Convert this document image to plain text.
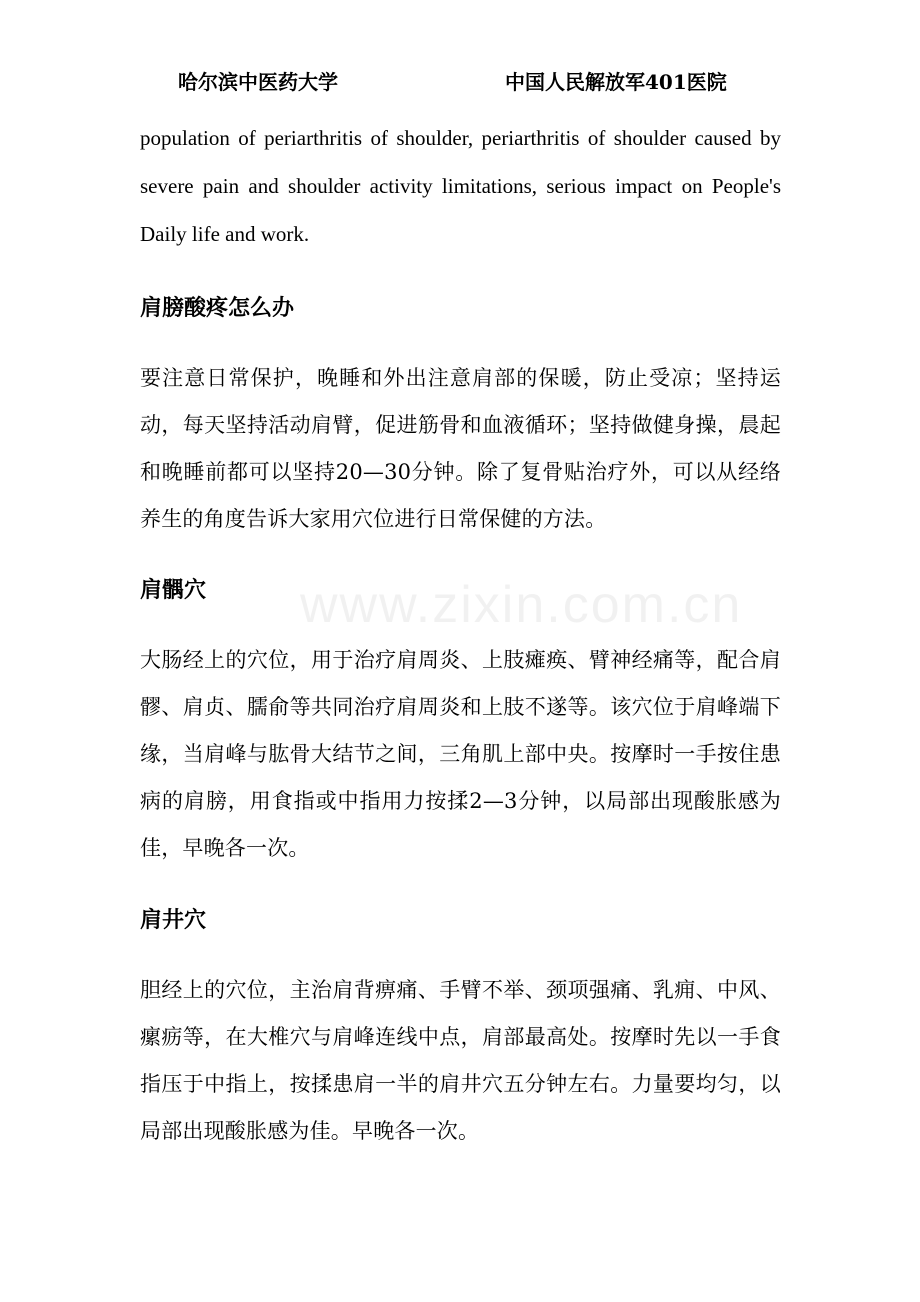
哈尔滨中医药大学	中国人民解放军401医院
www.zixin.com.cn

population of periarthritis of shoulder, periarthritis of shoulder caused by severe pain and shoulder activity limitations, serious impact on People's Daily life and work.

肩膀酸疼怎么办

要注意日常保护，晚睡和外出注意肩部的保暖，防止受凉；坚持运动，每天坚持活动肩臂，促进筋骨和血液循环；坚持做健身操，晨起和晚睡前都可以坚持20—30分钟。除了复骨贴治疗外，可以从经络养生的角度告诉大家用穴位进行日常保健的方法。

肩髃穴

大肠经上的穴位，用于治疗肩周炎、上肢瘫痪、臂神经痛等，配合肩髎、肩贞、臑俞等共同治疗肩周炎和上肢不遂等。该穴位于肩峰端下缘，当肩峰与肱骨大结节之间，三角肌上部中央。按摩时一手按住患病的肩膀，用食指或中指用力按揉2—3分钟，以局部出现酸胀感为佳，早晚各一次。

肩井穴

胆经上的穴位，主治肩背痹痛、手臂不举、颈项强痛、乳痈、中风、瘰疬等，在大椎穴与肩峰连线中点，肩部最高处。按摩时先以一手食指压于中指上，按揉患肩一半的肩井穴五分钟左右。力量要均匀，以局部出现酸胀感为佳。早晚各一次。
